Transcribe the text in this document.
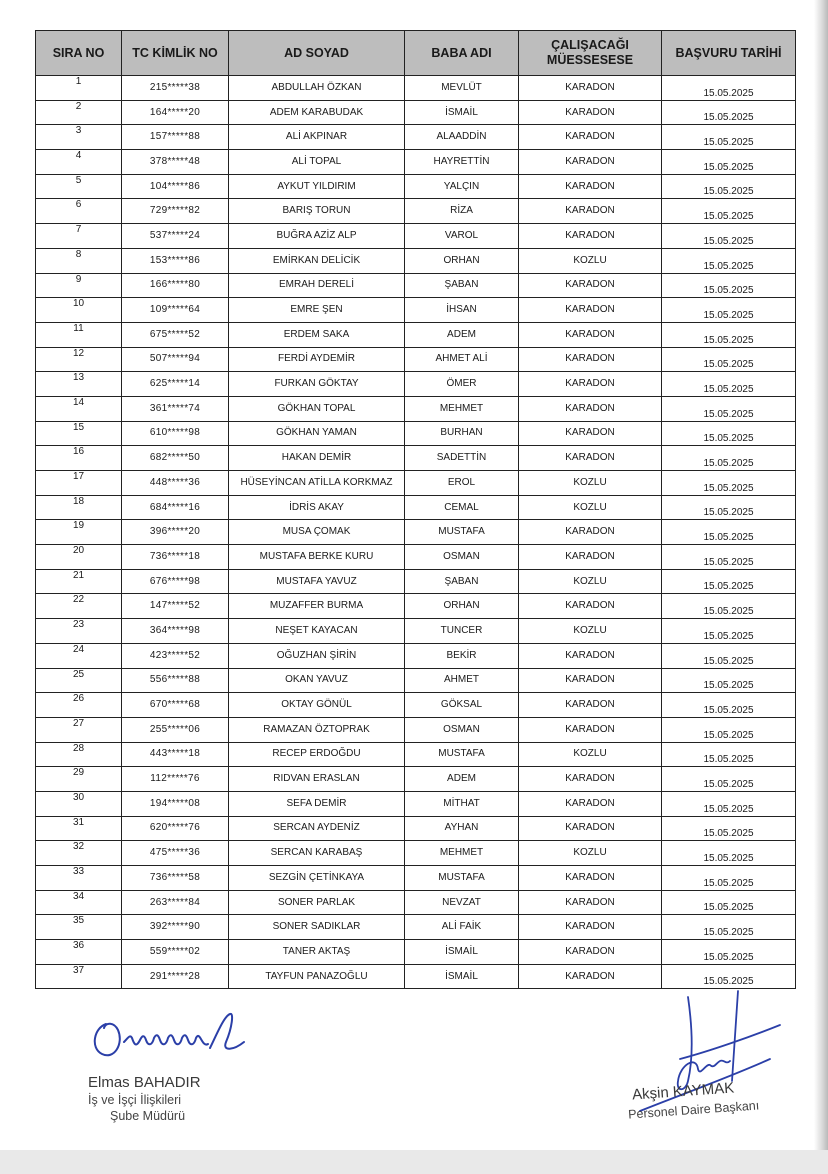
SIRA NO	TC KİMLİK NO	AD SOYAD	BABA ADI	ÇALIŞACAĞI MÜESSESESE	BAŞVURU TARİHİ
1	215*****38	ABDULLAH ÖZKAN	MEVLÜT	KARADON	15.05.2025
2	164*****20	ADEM KARABUDAK	İSMAİL	KARADON	15.05.2025
3	157*****88	ALİ AKPINAR	ALAADDİN	KARADON	15.05.2025
4	378*****48	ALİ TOPAL	HAYRETTİN	KARADON	15.05.2025
5	104*****86	AYKUT YILDIRIM	YALÇIN	KARADON	15.05.2025
6	729*****82	BARIŞ TORUN	RİZA	KARADON	15.05.2025
7	537*****24	BUĞRA AZİZ ALP	VAROL	KARADON	15.05.2025
8	153*****86	EMİRKAN DELİCİK	ORHAN	KOZLU	15.05.2025
9	166*****80	EMRAH DERELİ	ŞABAN	KARADON	15.05.2025
10	109*****64	EMRE ŞEN	İHSAN	KARADON	15.05.2025
11	675*****52	ERDEM SAKA	ADEM	KARADON	15.05.2025
12	507*****94	FERDİ AYDEMİR	AHMET ALİ	KARADON	15.05.2025
13	625*****14	FURKAN GÖKTAY	ÖMER	KARADON	15.05.2025
14	361*****74	GÖKHAN TOPAL	MEHMET	KARADON	15.05.2025
15	610*****98	GÖKHAN YAMAN	BURHAN	KARADON	15.05.2025
16	682*****50	HAKAN DEMİR	SADETTİN	KARADON	15.05.2025
17	448*****36	HÜSEYİNCAN ATİLLA KORKMAZ	EROL	KOZLU	15.05.2025
18	684*****16	İDRİS AKAY	CEMAL	KOZLU	15.05.2025
19	396*****20	MUSA ÇOMAK	MUSTAFA	KARADON	15.05.2025
20	736*****18	MUSTAFA BERKE KURU	OSMAN	KARADON	15.05.2025
21	676*****98	MUSTAFA YAVUZ	ŞABAN	KOZLU	15.05.2025
22	147*****52	MUZAFFER BURMA	ORHAN	KARADON	15.05.2025
23	364*****98	NEŞET KAYACAN	TUNCER	KOZLU	15.05.2025
24	423*****52	OĞUZHAN ŞİRİN	BEKİR	KARADON	15.05.2025
25	556*****88	OKAN YAVUZ	AHMET	KARADON	15.05.2025
26	670*****68	OKTAY GÖNÜL	GÖKSAL	KARADON	15.05.2025
27	255*****06	RAMAZAN ÖZTOPRAK	OSMAN	KARADON	15.05.2025
28	443*****18	RECEP ERDOĞDU	MUSTAFA	KOZLU	15.05.2025
29	112*****76	RIDVAN ERASLAN	ADEM	KARADON	15.05.2025
30	194*****08	SEFA DEMİR	MİTHAT	KARADON	15.05.2025
31	620*****76	SERCAN AYDENİZ	AYHAN	KARADON	15.05.2025
32	475*****36	SERCAN KARABAŞ	MEHMET	KOZLU	15.05.2025
33	736*****58	SEZGİN ÇETİNKAYA	MUSTAFA	KARADON	15.05.2025
34	263*****84	SONER PARLAK	NEVZAT	KARADON	15.05.2025
35	392*****90	SONER SADIKLAR	ALİ FAİK	KARADON	15.05.2025
36	559*****02	TANER AKTAŞ	İSMAİL	KARADON	15.05.2025
37	291*****28	TAYFUN PANAZOĞLU	İSMAİL	KARADON	15.05.2025
Elmas BAHADIR
İş ve İşçi İlişkileri
Şube Müdürü
Akşin KAYMAK
Personel Daire Başkanı
